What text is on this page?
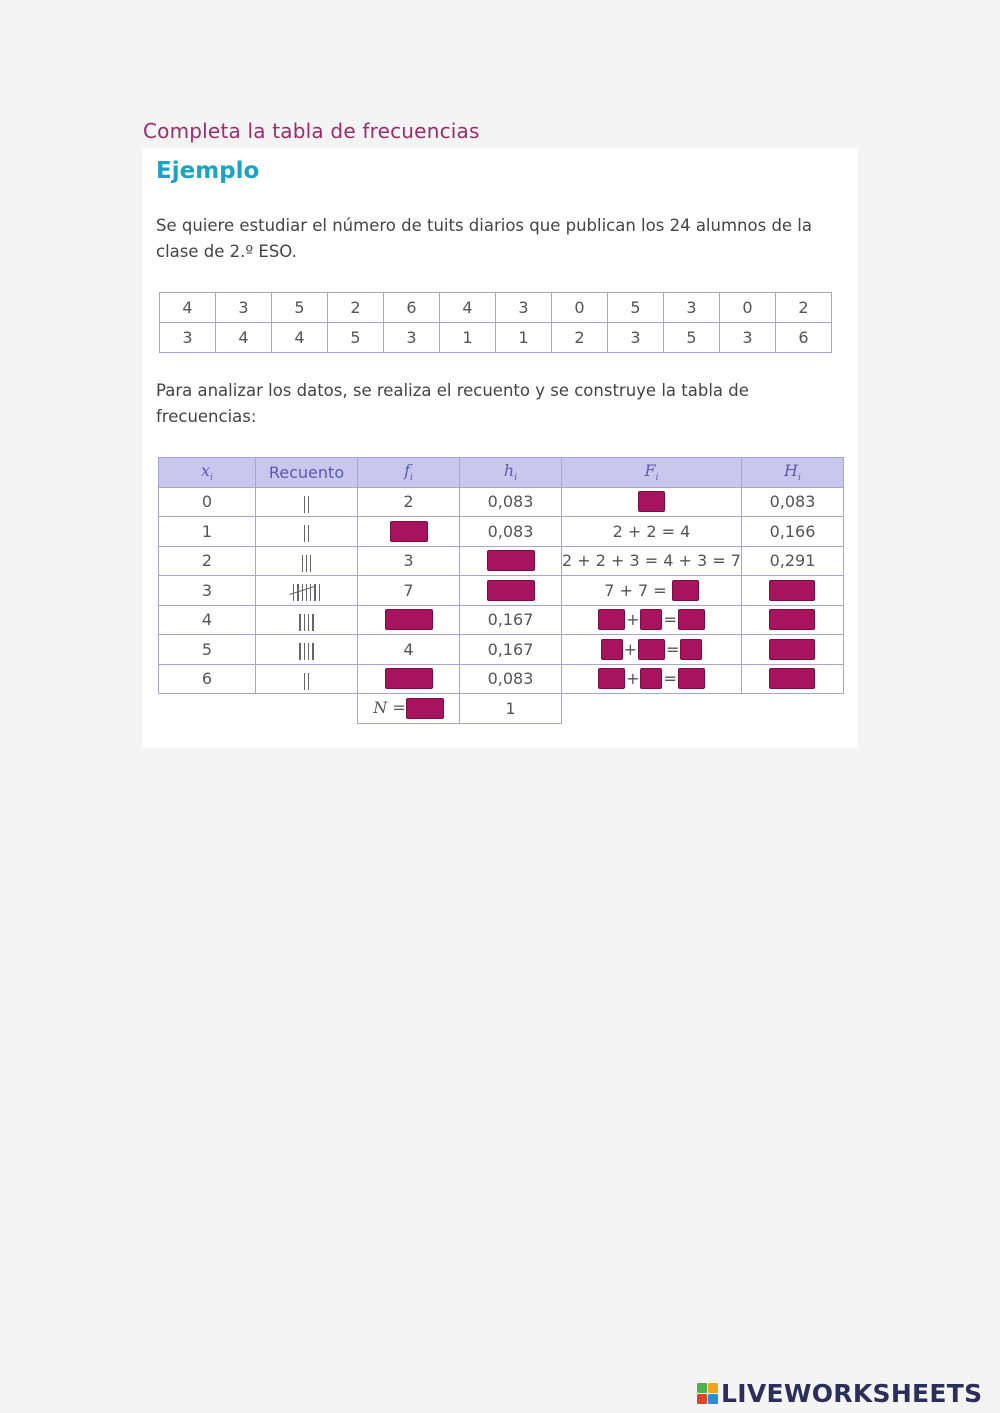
Completa la tabla de frecuencias
Ejemplo
Se quiere estudiar el número de tuits diarios que publican los 24 alumnos de la clase de 2.º ESO.
4	3	5	2	6	4	3	0	5	3	0	2
3	4	4	5	3	1	1	2	3	5	3	6
Para analizar los datos, se realiza el recuento y se construye la tabla de frecuencias:
$x_i$	Recuento	$f_i$	$h_i$	$F_i$	$H_i$
0		2	0,083		0,083
1			0,083	2 + 2 = 4	0,166
2		3		2 + 2 + 3 = 4 + 3 = 7	0,291
3		7		7 + 7 =	
4			0,167	+ =	
5		4	0,167	+ =	
6			0,083	+ =	
		N =	1		
LIVEWORKSHEETS
